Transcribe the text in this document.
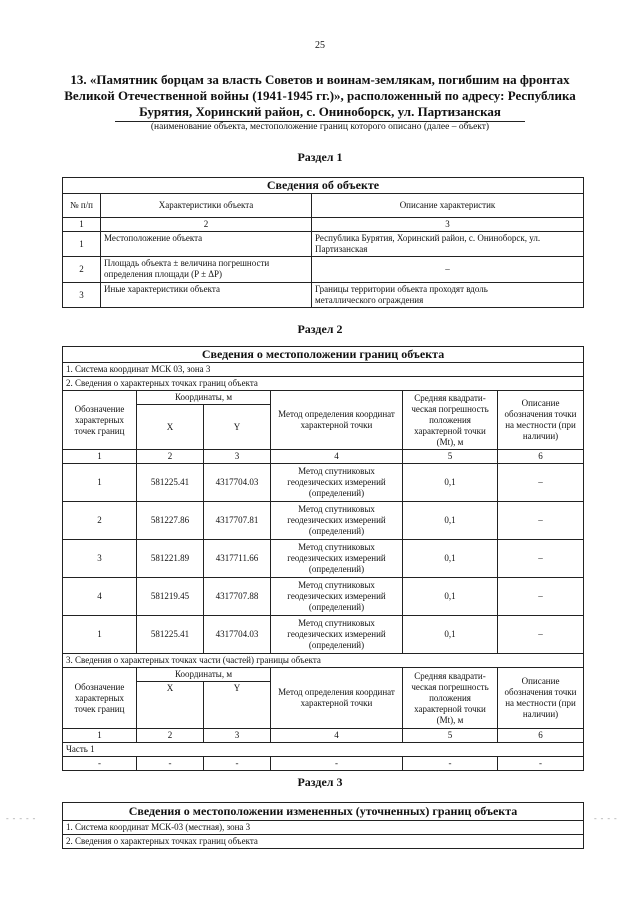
25
13. «Памятник борцам за власть Советов и воинам-землякам, погибшим на фронтах
Великой Отечественной войны (1941-1945 гг.)», расположенный по адресу: Республика
Бурятия, Хоринский район, с. Ониноборск, ул. Партизанская
(наименование объекта, местоположение границ которого описано (далее – объект)
Раздел 1
Сведения об объекте		
№ п/п	Характеристики объекта	Описание характеристик
1	2	3
1	Местоположение объекта	Республика Бурятия, Хоринский район, с. Ониноборск, ул. Партизанская
2	Площадь объекта ± величина погрешности определения площади (P ± ΔP)	–
3	Иные характеристики объекта	Границы территории объекта проходят вдоль
металлического ограждения
Раздел 2
Сведения о местоположении границ объекта					
1. Система координат МСК 03, зона 3					
2. Сведения о характерных точках границ объекта					
Обозначение характерных точек границ	Координаты, м		Метод определения координат характерной точки	Средняя квадрати-ческая погрешность положения характерной точки (Mt), м	Описание обозначения точки на местности (при наличии)
	X	Y			
1	2	3	4	5	6
1	581225.41	4317704.03	Метод спутниковых геодезических измерений (определений)	0,1	–
2	581227.86	4317707.81	Метод спутниковых геодезических измерений (определений)	0,1	–
3	581221.89	4317711.66	Метод спутниковых геодезических измерений (определений)	0,1	–
4	581219.45	4317707.88	Метод спутниковых геодезических измерений (определений)	0,1	–
1	581225.41	4317704.03	Метод спутниковых геодезических измерений (определений)	0,1	–
3. Сведения о характерных точках части (частей) границы объекта					
Обозначение характерных точек границ	Координаты, м		Метод определения координат характерной точки	Средняя квадрати-ческая погрешность положения характерной точки (Mt), м	Описание обозначения точки на местности (при наличии)
	X	Y			
1	2	3	4	5	6
Часть 1					
-	-	-	-	-	-
Раздел 3
- - - - -	- - - -
Сведения о местоположении измененных (уточненных) границ объекта
1. Система координат МСК-03 (местная), зона 3
2. Сведения о характерных точках границ объекта
